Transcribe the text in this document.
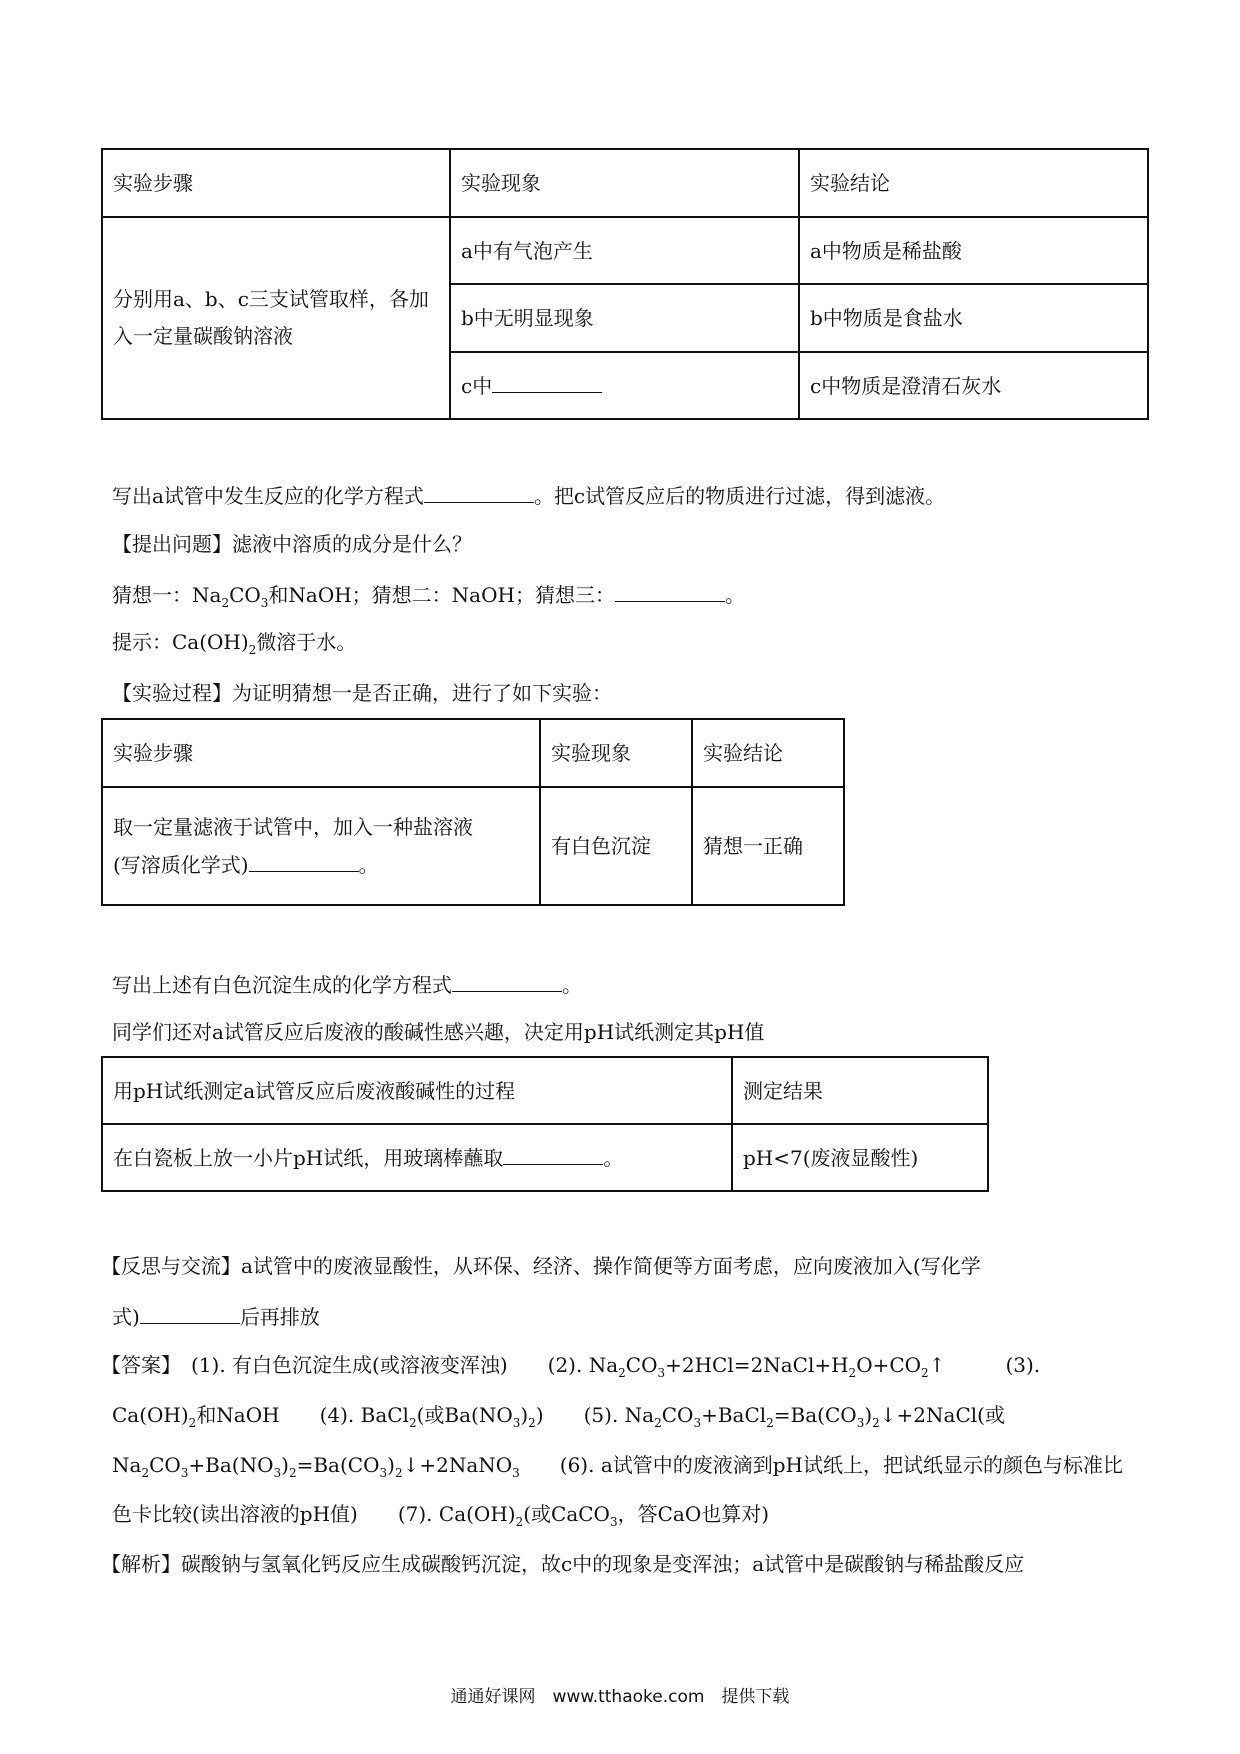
实验步骤	实验现象	实验结论
分别用a、b、c三支试管取样，各加入一定量碳酸钠溶液	a中有气泡产生	a中物质是稀盐酸
	b中无明显现象	b中物质是食盐水
	c中	c中物质是澄清石灰水
写出a试管中发生反应的化学方程式	。把c试管反应后的物质进行过滤，得到滤液。
【提出问题】滤液中溶质的成分是什么？
猜想一：$Na_2CO_3$和NaOH；猜想二：NaOH；猜想三：	。
提示：$Ca(OH)_2$微溶于水。
【实验过程】为证明猜想一是否正确，进行了如下实验：
实验步骤	实验现象	实验结论

取一定量滤液于试管中，加入一种盐溶液
(写溶质化学式) 。	有白色沉淀	猜想一正确
写出上述有白色沉淀生成的化学方程式	。
同学们还对a试管反应后废液的酸碱性感兴趣，决定用pH试纸测定其pH值
用pH试纸测定a试管反应后废液酸碱性的过程	测定结果
在白瓷板上放一小片pH试纸，用玻璃棒蘸取 。	pH<7(废液显酸性)
【反思与交流】a试管中的废液显酸性，从环保、经济、操作简便等方面考虑，应向废液加入(写化学
式)	后再排放
【答案】　(1). 有白色沉淀生成(或溶液变浑浊)　　(2). $Na_2CO_3+2HCl=2NaCl+H_2O+CO_2↑$　　　(3).
$Ca(OH)_2$和NaOH　　(4). BaCl$_2$(或$Ba(NO_3)_2$)　　(5). $Na_2CO_3+BaCl_2=Ba(CO_3)_2↓+2NaCl$(或
$Na_2CO_3+Ba(NO_3)_2=Ba(CO_3)_2↓+2NaNO_3$　　(6). a试管中的废液滴到pH试纸上，把试纸显示的颜色与标准比
色卡比较(读出溶液的pH值)　　(7). $Ca(OH)_2$(或CaCO$_3$，答CaO也算对)
【解析】碳酸钠与氢氧化钙反应生成碳酸钙沉淀，故c中的现象是变浑浊；a试管中是碳酸钠与稀盐酸反应
通通好课网　www.tthaoke.com　提供下载
